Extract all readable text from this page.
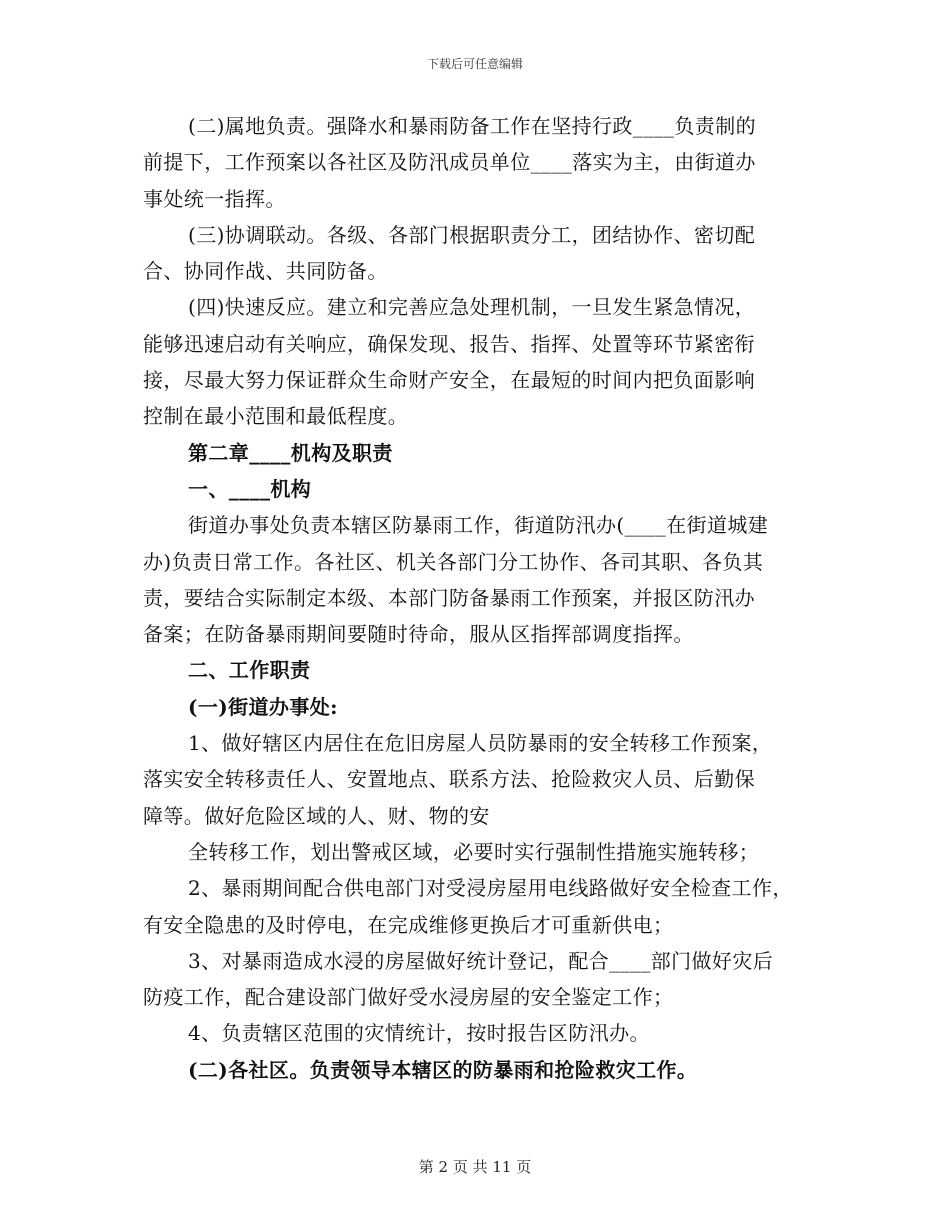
下载后可任意编辑
(二)属地负责。强降水和暴雨防备工作在坚持行政____负责制的
前提下，工作预案以各社区及防汛成员单位____落实为主，由街道办
事处统一指挥。
(三)协调联动。各级、各部门根据职责分工，团结协作、密切配
合、协同作战、共同防备。
(四)快速反应。建立和完善应急处理机制，一旦发生紧急情况，
能够迅速启动有关响应，确保发现、报告、指挥、处置等环节紧密衔
接，尽最大努力保证群众生命财产安全，在最短的时间内把负面影响
控制在最小范围和最低程度。
第二章____机构及职责
一、____机构
街道办事处负责本辖区防暴雨工作，街道防汛办(____在街道城建
办)负责日常工作。各社区、机关各部门分工协作、各司其职、各负其
责，要结合实际制定本级、本部门防备暴雨工作预案，并报区防汛办
备案；在防备暴雨期间要随时待命，服从区指挥部调度指挥。
二、工作职责
(一)街道办事处:
1、做好辖区内居住在危旧房屋人员防暴雨的安全转移工作预案，
落实安全转移责任人、安置地点、联系方法、抢险救灾人员、后勤保
障等。做好危险区域的人、财、物的安
全转移工作，划出警戒区域，必要时实行强制性措施实施转移；
2、暴雨期间配合供电部门对受浸房屋用电线路做好安全检查工作，
有安全隐患的及时停电，在完成维修更换后才可重新供电；
3、对暴雨造成水浸的房屋做好统计登记，配合____部门做好灾后
防疫工作，配合建设部门做好受水浸房屋的安全鉴定工作；
4、负责辖区范围的灾情统计，按时报告区防汛办。
(二)各社区。负责领导本辖区的防暴雨和抢险救灾工作。
第 2 页 共 11 页
